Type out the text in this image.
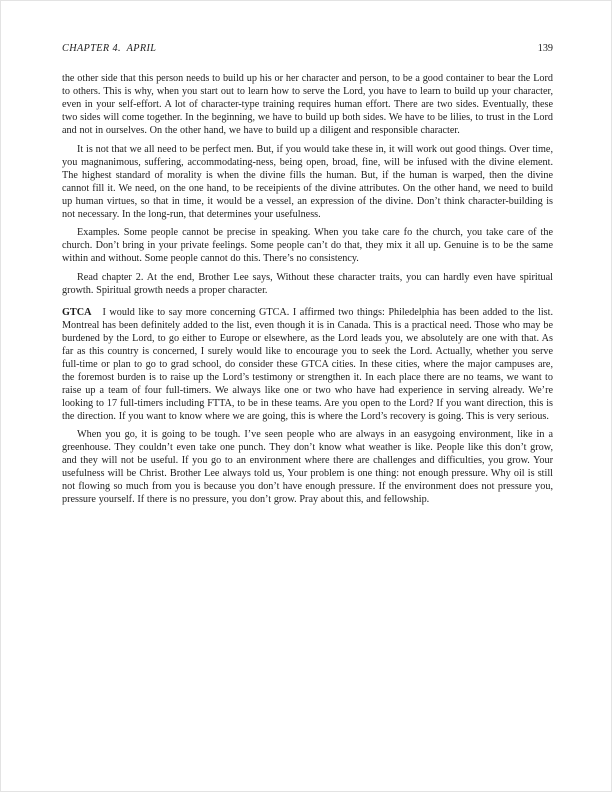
CHAPTER 4.  APRIL	139

the other side that this person needs to build up his or her character and person, to be a good container to bear the Lord to others. This is why, when you start out to learn how to serve the Lord, you have to learn to build up your character, even in your self-effort. A lot of character-type training requires human effort. There are two sides. Eventually, these two sides will come together. In the beginning, we have to build up both sides. We have to be lilies, to trust in the Lord and not in ourselves. On the other hand, we have to build up a diligent and responsible character.

It is not that we all need to be perfect men. But, if you would take these in, it will work out good things. Over time, you magnanimous, suffering, accommodating-ness, being open, broad, fine, will be infused with the divine element. The highest standard of morality is when the divine fills the human. But, if the human is warped, then the divine cannot fill it. We need, on the one hand, to be receipients of the divine attributes. On the other hand, we need to build up human virtues, so that in time, it would be a vessel, an expression of the divine. Don’t think character-building is not necessary. In the long-run, that determines your usefulness.

Examples. Some people cannot be precise in speaking. When you take care fo the church, you take care of the church. Don’t bring in your private feelings. Some people can’t do that, they mix it all up. Genuine is to be the same within and without. Some people cannot do this. There’s no consistency.

Read chapter 2. At the end, Brother Lee says, Without these character traits, you can hardly even have spiritual growth. Spiritual growth needs a proper character.

GTCA I would like to say more concerning GTCA. I affirmed two things: Philedelphia has been added to the list. Montreal has been definitely added to the list, even though it is in Canada. This is a practical need. Those who may be burdened by the Lord, to go either to Europe or elsewhere, as the Lord leads you, we absolutely are one with that. As far as this country is concerned, I surely would like to encourage you to seek the Lord. Actually, whether you serve full-time or plan to go to grad school, do consider these GTCA cities. In these cities, where the major campuses are, the foremost burden is to raise up the Lord’s testimony or strengthen it. In each place there are no teams, we want to raise up a team of four full-timers. We always like one or two who have had experience in serving already. We’re looking to 17 full-timers including FTTA, to be in these teams. Are you open to the Lord? If you want direction, this is the direction. If you want to know where we are going, this is where the Lord’s recovery is going. This is very serious.

When you go, it is going to be tough. I’ve seen people who are always in an easygoing environment, like in a greenhouse. They couldn’t even take one punch. They don’t know what weather is like. People like this don’t grow, and they will not be useful. If you go to an environment where there are challenges and difficulties, you grow. Your usefulness will be Christ. Brother Lee always told us, Your problem is one thing: not enough pressure. Why oil is still not flowing so much from you is because you don’t have enough pressure. If the environment does not pressure you, pressure yourself. If there is no pressure, you don’t grow. Pray about this, and fellowship.
